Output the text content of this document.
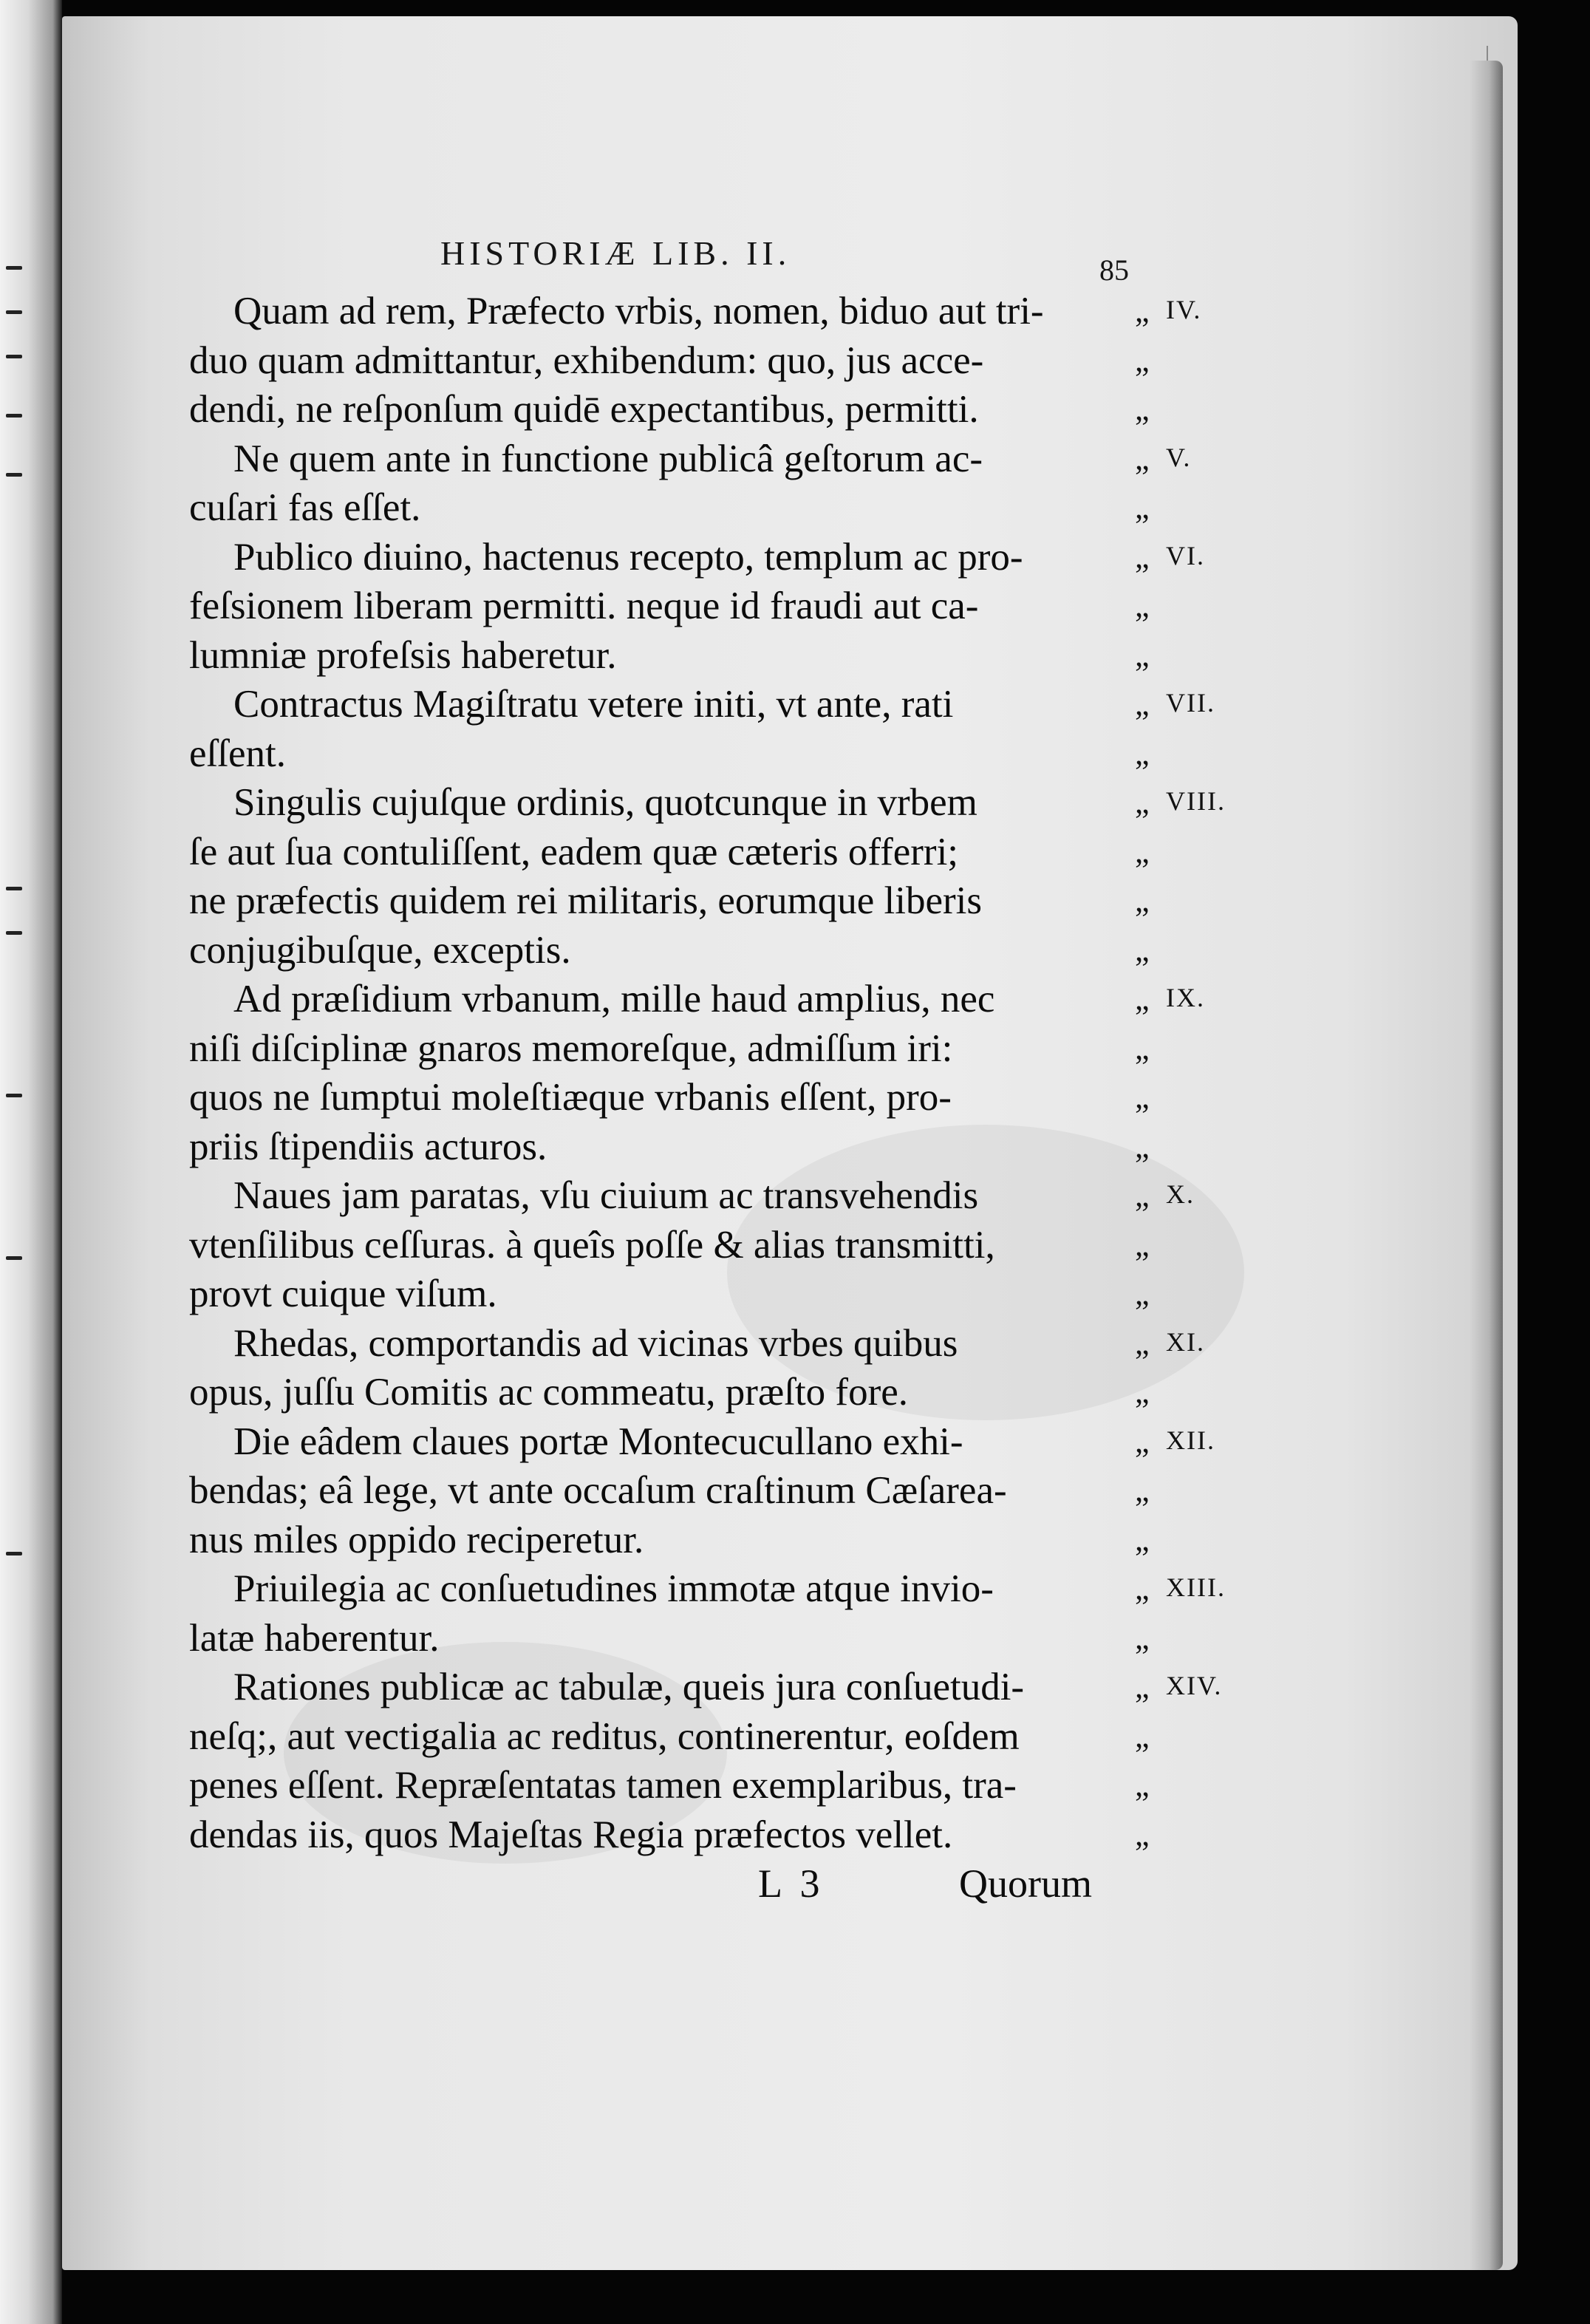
HISTORIÆ LIB. II.	85
Quam ad rem, Præfecto vrbis, nomen, biduo aut tri-	„ IV.
duo quam admittantur, exhibendum: quo, jus acce-	„
dendi, ne reſponſum quidē expectantibus, permitti.	„
Ne quem ante in functione publicâ geſtorum ac-	„ V.
cuſari fas eſſet.	„
Publico diuino, hactenus recepto, templum ac pro-	„ VI.
feſsionem liberam permitti. neque id fraudi aut ca-	„
lumniæ profeſsis haberetur.	„
Contractus Magiſtratu vetere initi, vt ante, rati	„ VII.
eſſent.	„
Singulis cujuſque ordinis, quotcunque in vrbem	„ VIII.
ſe aut ſua contuliſſent, eadem quæ cæteris offerri;	„
ne præfectis quidem rei militaris, eorumque liberis	„
conjugibuſque, exceptis.	„
Ad præſidium vrbanum, mille haud amplius, nec	„ IX.
niſi diſciplinæ gnaros memoreſque, admiſſum iri:	„
quos ne ſumptui moleſtiæque vrbanis eſſent, pro-	„
priis ſtipendiis acturos.	„
Naues jam paratas, vſu ciuium ac transvehendis	„ X.
vtenſilibus ceſſuras. à queîs poſſe & alias transmitti,	„
provt cuique viſum.	„
Rhedas, comportandis ad vicinas vrbes quibus	„ XI.
opus, juſſu Comitis ac commeatu, præſto fore.	„
Die eâdem claues portæ Montecucullano exhi-	„ XII.
bendas; eâ lege, vt ante occaſum craſtinum Cæſarea-	„
nus miles oppido reciperetur.	„
Priuilegia ac conſuetudines immotæ atque invio-	„ XIII.
latæ haberentur.	„
Rationes publicæ ac tabulæ, queis jura conſuetudi-	„ XIV.
neſq;, aut vectigalia ac reditus, continerentur, eoſdem	„
penes eſſent. Repræſentatas tamen exemplaribus, tra-	„
dendas iis, quos Majeſtas Regia præfectos vellet.	„
L 3	Quorum
